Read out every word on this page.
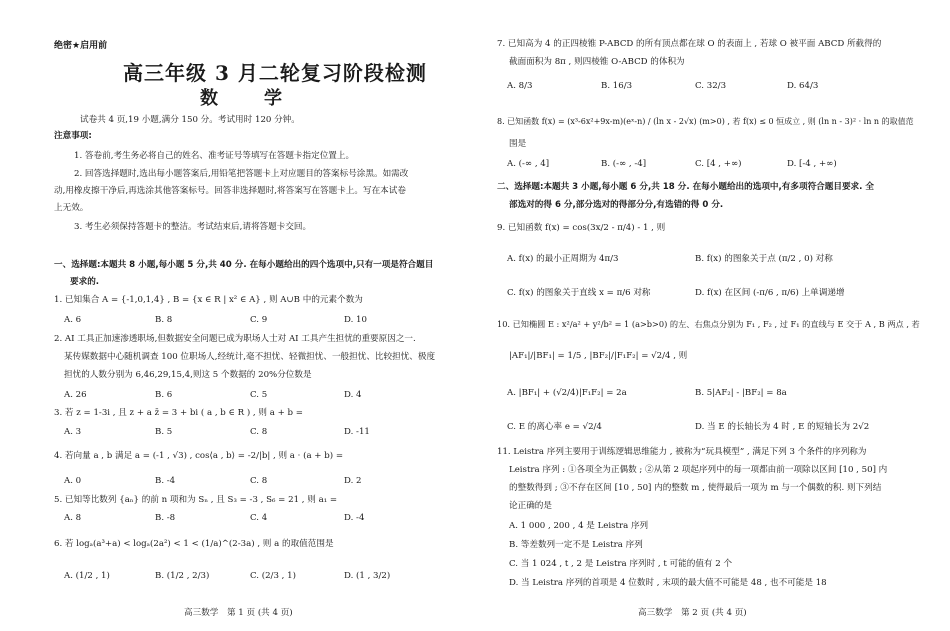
绝密★启用前
高三年级 3 月二轮复习阶段检测
数　学
试卷共 4 页,19 小题,满分 150 分。考试用时 120 分钟。
注意事项:
1. 答卷前,考生务必将自己的姓名、准考证号等填写在答题卡指定位置上。
2. 回答选择题时,选出每小题答案后,用铅笔把答题卡上对应题目的答案标号涂黑。如需改
动,用橡皮擦干净后,再选涂其他答案标号。回答非选择题时,将答案写在答题卡上。写在本试卷
上无效。
3. 考生必须保持答题卡的整洁。考试结束后,请将答题卡交回。
一、选择题:本题共 8 小题,每小题 5 分,共 40 分. 在每小题给出的四个选项中,只有一项是符合题目
要求的.
1. 已知集合 A = {-1,0,1,4} , B = {x ∈ R | x² ∈ A} , 则 A∪B 中的元素个数为
A. 6	B. 8	C. 9	D. 10
2. AI 工具正加速渗透职场,但数据安全问题已成为职场人士对 AI 工具产生担忧的重要原因之一.
某传媒数据中心随机调查 100 位职场人,经统计,毫不担忧、轻微担忧、一般担忧、比较担忧、极度
担忧的人数分别为 6,46,29,15,4,则这 5 个数据的 20%分位数是
A. 26	B. 6	C. 5	D. 4
3. 若 z = 1-3i , 且 z + a z̄ = 3 + bi ( a , b ∈ R ) , 则 a + b =
A. 3	B. 5	C. 8	D. -11
4. 若向量 a , b 满足 a = (-1 , √3) , cos⟨a , b⟩ = -2/|b| , 则 a · (a + b) =
A. 0	B. -4	C. 8	D. 2
5. 已知等比数列 {aₙ} 的前 n 项和为 Sₙ , 且 S₃ = -3 , S₆ = 21 , 则 a₁ =
A. 8	B. -8	C. 4	D. -4
6. 若 logₐ(a³+a) < logₐ(2a²) < 1 < (1/a)^(2-3a) , 则 a 的取值范围是
A. (1/2 , 1)	B. (1/2 , 2/3)	C. (2/3 , 1)	D. (1 , 3/2)
高三数学　第 1 页 (共 4 页)
7. 已知高为 4 的正四棱锥 P-ABCD 的所有顶点都在球 O 的表面上 , 若球 O 被平面 ABCD 所截得的
截面面积为 8π , 则四棱锥 O-ABCD 的体积为
A. 8/3	B. 16/3	C. 32/3	D. 64/3
8. 已知函数 f(x) = (x³-6x²+9x-m)(eˣ-n) / (ln x - 2√x) (m>0) , 若 f(x) ≤ 0 恒成立 , 则 (ln n - 3)² · ln n 的取值范
围是
A. (-∞ , 4]	B. (-∞ , -4]	C. [4 , +∞)	D. [-4 , +∞)
二、选择题:本题共 3 小题,每小题 6 分,共 18 分. 在每小题给出的选项中,有多项符合题目要求. 全
部选对的得 6 分,部分选对的得部分分,有选错的得 0 分.
9. 已知函数 f(x) = cos(3x/2 - π/4) - 1 , 则
A. f(x) 的最小正周期为 4π/3	B. f(x) 的图象关于点 (π/2 , 0) 对称
C. f(x) 的图象关于直线 x = π/6 对称	D. f(x) 在区间 (-π/6 , π/6) 上单调递增
10. 已知椭圆 E : x²/a² + y²/b² = 1 (a>b>0) 的左、右焦点分别为 F₁ , F₂ , 过 F₁ 的直线与 E 交于 A , B 两点 , 若
|AF₁|/|BF₁| = 1/5 , |BF₂|/|F₁F₂| = √2/4 , 则
A. |BF₁| + (√2/4)|F₁F₂| = 2a	B. 5|AF₂| - |BF₂| = 8a
C. E 的离心率 e = √2/4	D. 当 E 的长轴长为 4 时 , E 的短轴长为 2√2
11. Leistra 序列主要用于训练逻辑思维能力 , 被称为“玩具模型” , 满足下列 3 个条件的序列称为
Leistra 序列 : ①各项全为正偶数 ; ②从第 2 项起序列中的每一项都由前一项除以区间 [10 , 50] 内
的整数得到 ; ③不存在区间 [10 , 50] 内的整数 m , 使得最后一项为 m 与一个偶数的积. 则下列结
论正确的是
A. 1 000 , 200 , 4 是 Leistra 序列
B. 等差数列一定不是 Leistra 序列
C. 当 1 024 , t , 2 是 Leistra 序列时 , t 可能的值有 2 个
D. 当 Leistra 序列的首项是 4 位数时 , 末项的最大值不可能是 48 , 也不可能是 18
高三数学　第 2 页 (共 4 页)
